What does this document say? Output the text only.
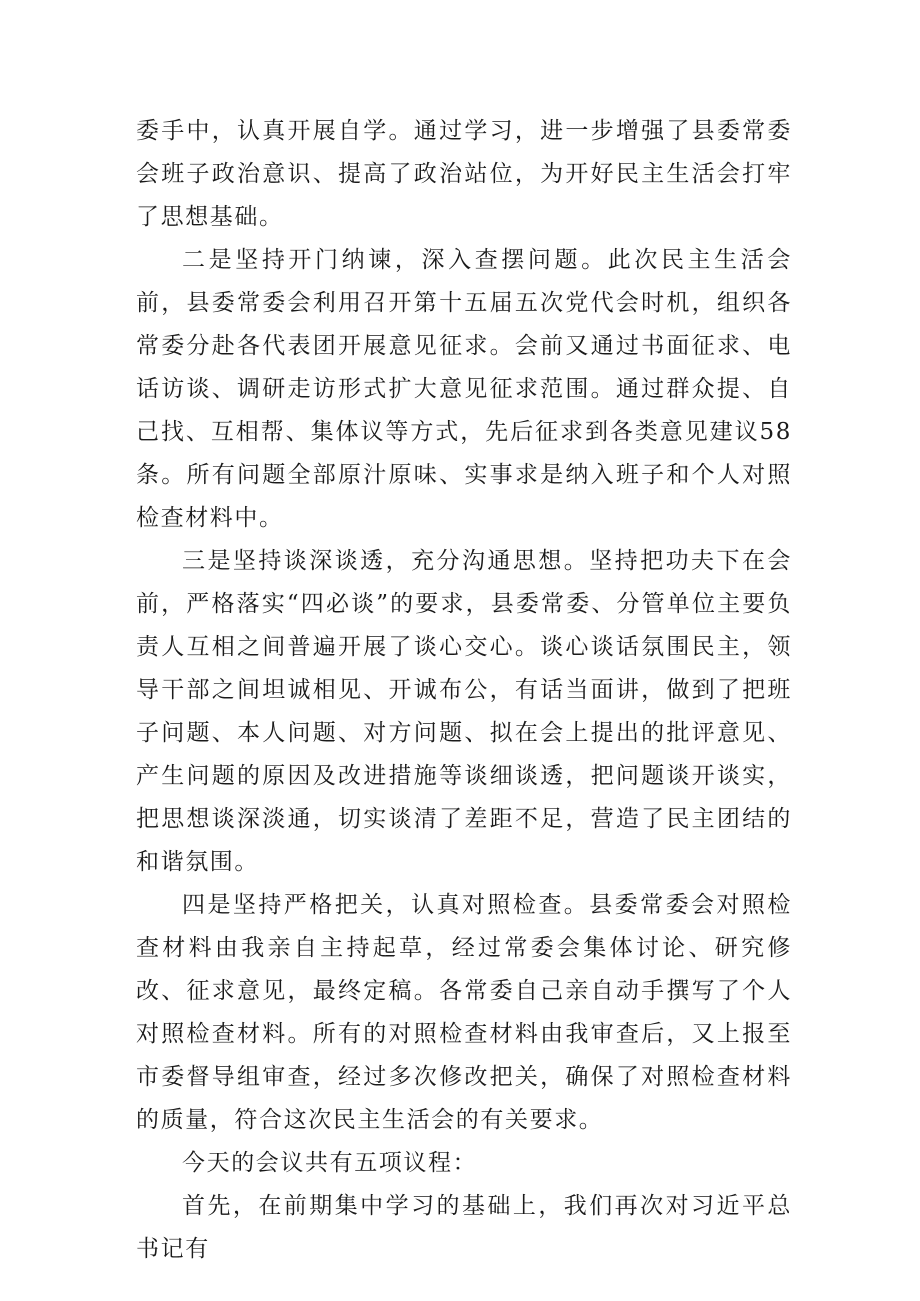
委手中，认真开展自学。通过学习，进一步增强了县委常委会班子政治意识、提高了政治站位，为开好民主生活会打牢了思想基础。

二是坚持开门纳谏，深入查摆问题。此次民主生活会前，县委常委会利用召开第十五届五次党代会时机，组织各常委分赴各代表团开展意见征求。会前又通过书面征求、电话访谈、调研走访形式扩大意见征求范围。通过群众提、自己找、互相帮、集体议等方式，先后征求到各类意见建议58条。所有问题全部原汁原味、实事求是纳入班子和个人对照检查材料中。

三是坚持谈深谈透，充分沟通思想。坚持把功夫下在会前，严格落实“四必谈”的要求，县委常委、分管单位主要负责人互相之间普遍开展了谈心交心。谈心谈话氛围民主，领导干部之间坦诚相见、开诚布公，有话当面讲，做到了把班子问题、本人问题、对方问题、拟在会上提出的批评意见、产生问题的原因及改进措施等谈细谈透，把问题谈开谈实，把思想谈深淡通，切实谈清了差距不足，营造了民主团结的和谐氛围。

四是坚持严格把关，认真对照检查。县委常委会对照检查材料由我亲自主持起草，经过常委会集体讨论、研究修改、征求意见，最终定稿。各常委自己亲自动手撰写了个人对照检查材料。所有的对照检查材料由我审查后，又上报至市委督导组审查，经过多次修改把关，确保了对照检查材料的质量，符合这次民主生活会的有关要求。

今天的会议共有五项议程：

首先，在前期集中学习的基础上，我们再次对习近平总书记有
